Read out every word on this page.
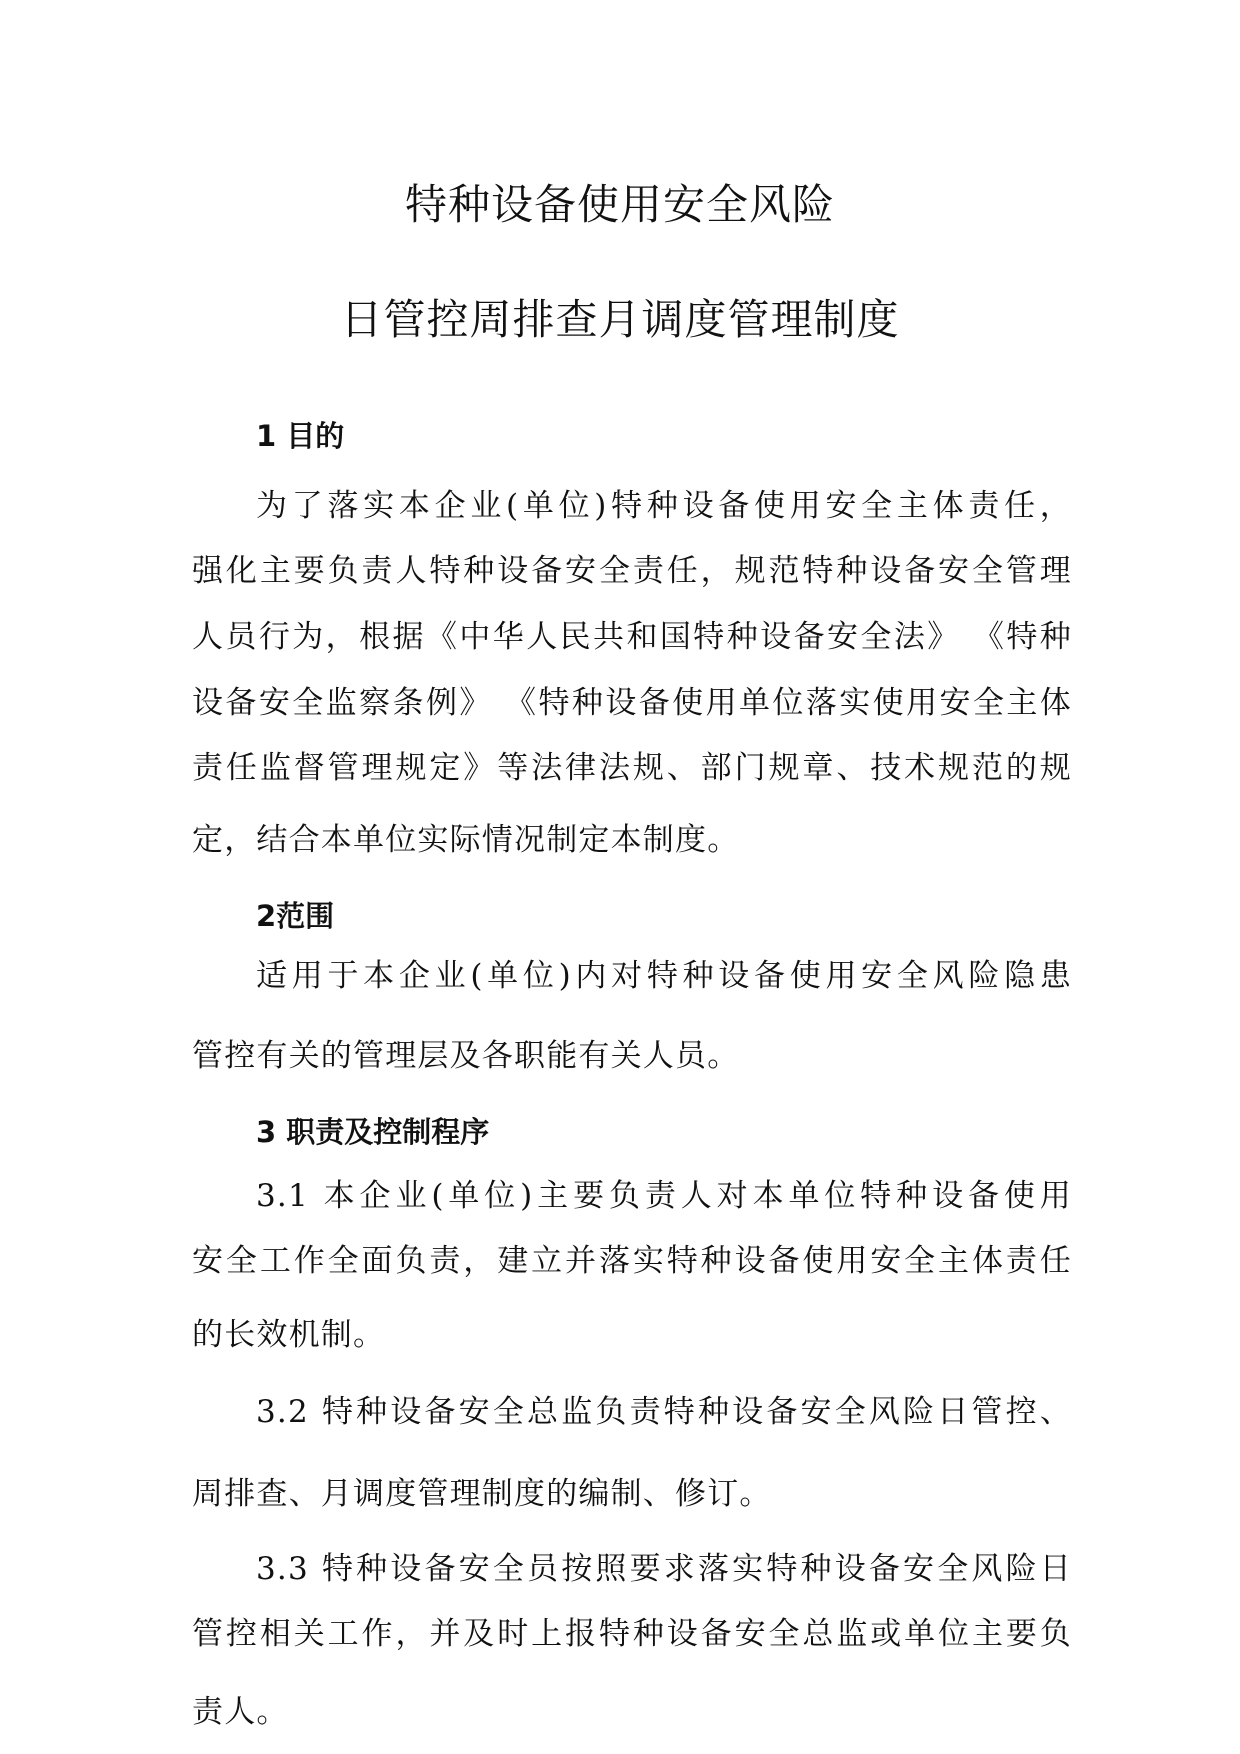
特种设备使用安全风险
日管控周排查月调度管理制度
1 目的

为了落实本企业(单位)特种设备使用安全主体责任，

强化主要负责人特种设备安全责任，规范特种设备安全管理

人员行为，根据《中华人民共和国特种设备安全法》 《特种

设备安全监察条例》 《特种设备使用单位落实使用安全主体

责任监督管理规定》等法律法规、部门规章、技术规范的规

定，结合本单位实际情况制定本制度。

2范围

适用于本企业(单位)内对特种设备使用安全风险隐患

管控有关的管理层及各职能有关人员。

3 职责及控制程序

3.1 本企业(单位)主要负责人对本单位特种设备使用

安全工作全面负责，建立并落实特种设备使用安全主体责任

的长效机制。

3.2 特种设备安全总监负责特种设备安全风险日管控、

周排查、月调度管理制度的编制、修订。

3.3 特种设备安全员按照要求落实特种设备安全风险日

管控相关工作，并及时上报特种设备安全总监或单位主要负

责人。
